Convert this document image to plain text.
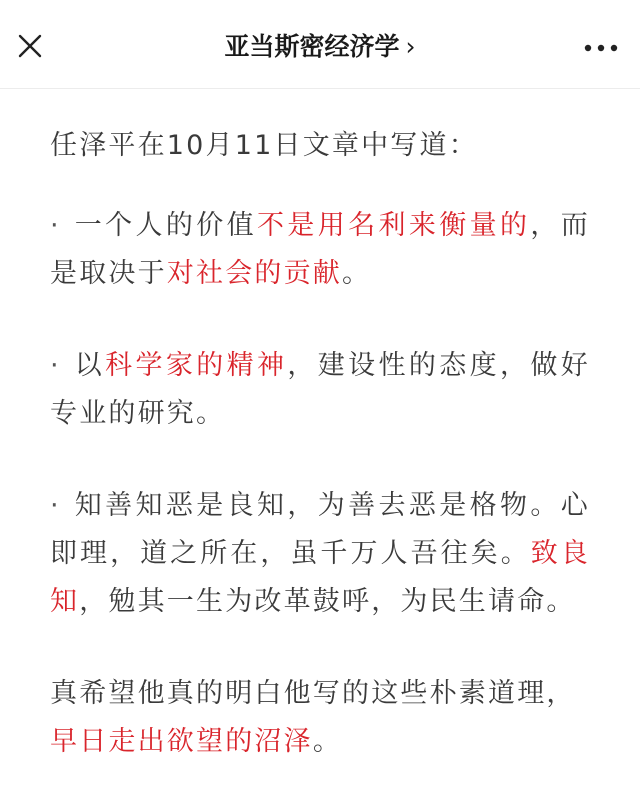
亚当斯密经济学 ›

任泽平在10月11日文章中写道：

· 一个人的价值不是用名利来衡量的，而是取决于对社会的贡献。

· 以科学家的精神，建设性的态度，做好专业的研究。

· 知善知恶是良知，为善去恶是格物。心即理，道之所在，虽千万人吾往矣。致良知，勉其一生为改革鼓呼，为民生请命。

真希望他真的明白他写的这些朴素道理，早日走出欲望的沼泽。
